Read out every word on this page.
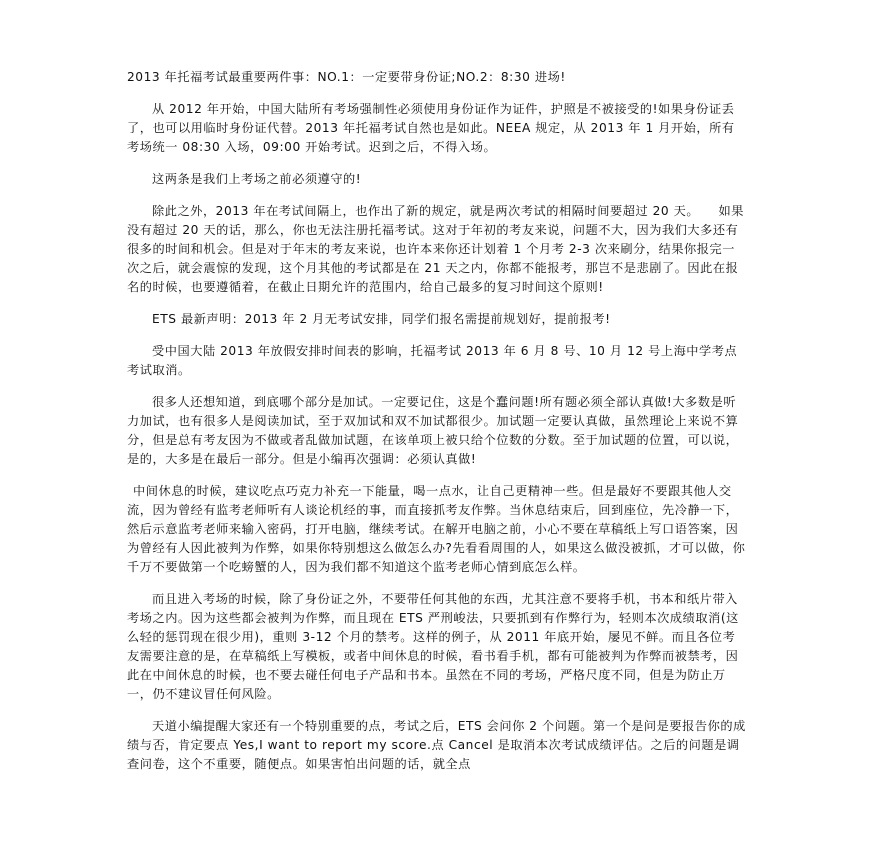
2013 年托福考试最重要两件事：NO.1：一定要带身份证;NO.2：8:30 进场!

从 2012 年开始，中国大陆所有考场强制性必须使用身份证作为证件，护照是不被接受的!如果身份证丢了，也可以用临时身份证代替。2013 年托福考试自然也是如此。NEEA 规定，从 2013 年 1 月开始，所有考场统一 08:30 入场，09:00 开始考试。迟到之后，不得入场。

这两条是我们上考场之前必须遵守的!

除此之外，2013 年在考试间隔上，也作出了新的规定，就是两次考试的相隔时间要超过 20 天。　　如果没有超过 20 天的话，那么，你也无法注册托福考试。这对于年初的考友来说，问题不大，因为我们大多还有很多的时间和机会。但是对于年末的考友来说，也许本来你还计划着 1 个月考 2-3 次来刷分，结果你报完一次之后，就会震惊的发现，这个月其他的考试都是在 21 天之内，你都不能报考，那岂不是悲剧了。因此在报名的时候，也要遵循着，在截止日期允许的范围内，给自己最多的复习时间这个原则!

ETS 最新声明：2013 年 2 月无考试安排，同学们报名需提前规划好，提前报考!

受中国大陆 2013 年放假安排时间表的影响，托福考试 2013 年 6 月 8 号、10 月 12 号上海中学考点考试取消。

很多人还想知道，到底哪个部分是加试。一定要记住，这是个蠢问题!所有题必须全部认真做!大多数是听力加试，也有很多人是阅读加试，至于双加试和双不加试都很少。加试题一定要认真做，虽然理论上来说不算分，但是总有考友因为不做或者乱做加试题，在该单项上被只给个位数的分数。至于加试题的位置，可以说，是的，大多是在最后一部分。但是小编再次强调：必须认真做!

中间休息的时候，建议吃点巧克力补充一下能量，喝一点水，让自己更精神一些。但是最好不要跟其他人交流，因为曾经有监考老师听有人谈论机经的事，而直接抓考友作弊。当休息结束后，回到座位，先冷静一下，然后示意监考老师来输入密码，打开电脑，继续考试。在解开电脑之前，小心不要在草稿纸上写口语答案，因为曾经有人因此被判为作弊，如果你特别想这么做怎么办?先看看周围的人，如果这么做没被抓，才可以做，你千万不要做第一个吃螃蟹的人，因为我们都不知道这个监考老师心情到底怎么样。

而且进入考场的时候，除了身份证之外，不要带任何其他的东西，尤其注意不要将手机，书本和纸片带入考场之内。因为这些都会被判为作弊，而且现在 ETS 严刑峻法，只要抓到有作弊行为，轻则本次成绩取消(这么轻的惩罚现在很少用)，重则 3-12 个月的禁考。这样的例子，从 2011 年底开始，屡见不鲜。而且各位考友需要注意的是，在草稿纸上写模板，或者中间休息的时候，看书看手机，都有可能被判为作弊而被禁考，因此在中间休息的时候，也不要去碰任何电子产品和书本。虽然在不同的考场，严格尺度不同，但是为防止万一，仍不建议冒任何风险。

天道小编提醒大家还有一个特别重要的点，考试之后，ETS 会问你 2 个问题。第一个是问是要报告你的成绩与否，肯定要点 Yes,I want to report my score.点 Cancel 是取消本次考试成绩评估。之后的问题是调查问卷，这个不重要，随便点。如果害怕出问题的话，就全点
